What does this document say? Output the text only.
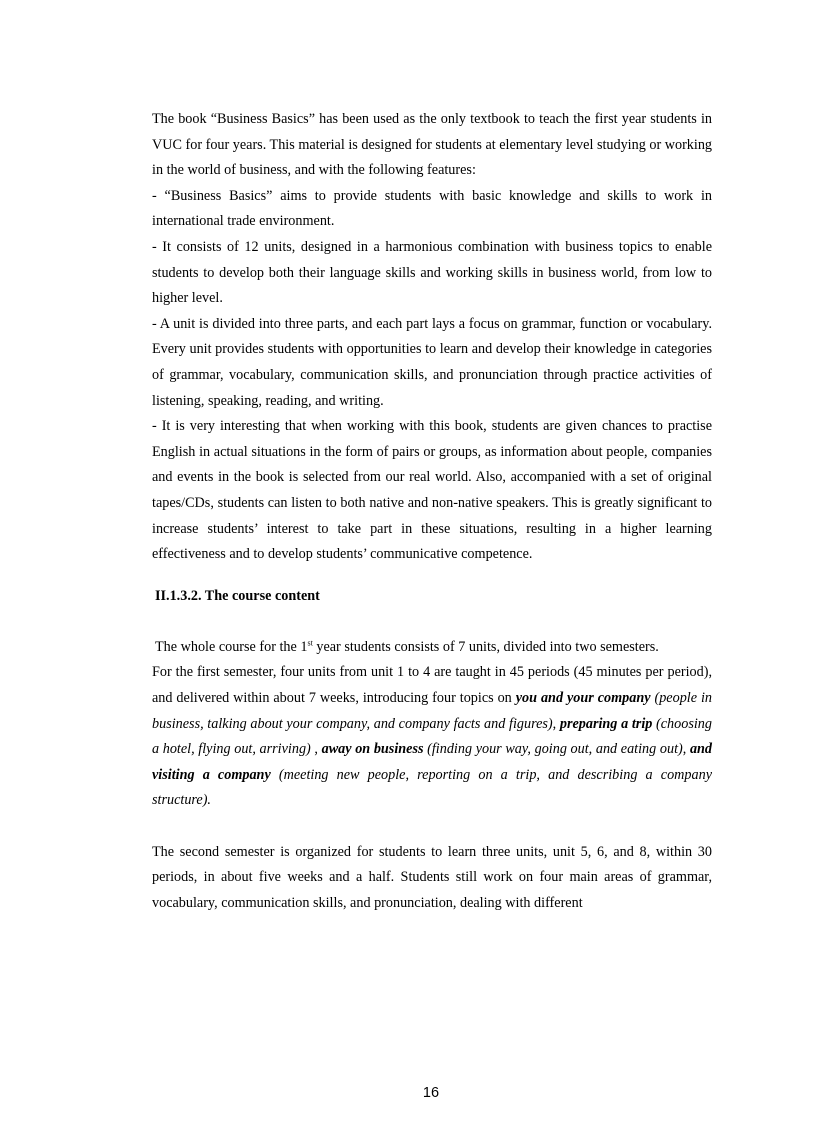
The book “Business Basics” has been used as the only textbook to teach the first year students in VUC for four years. This material is designed for students at elementary level studying or working in the world of business, and with the following features:

- “Business Basics” aims to provide students with basic knowledge and skills to work in international trade environment.

- It consists of 12 units, designed in a harmonious combination with business topics to enable students to develop both their language skills and working skills in business world, from low to higher level.

- A unit is divided into three parts, and each part lays a focus on grammar, function or vocabulary. Every unit provides students with opportunities to learn and develop their knowledge in categories of grammar, vocabulary, communication skills, and pronunciation through practice activities of listening, speaking, reading, and writing.

- It is very interesting that when working with this book, students are given chances to practise English in actual situations in the form of pairs or groups, as information about people, companies and events in the book is selected from our real world. Also, accompanied with a set of original tapes/CDs, students can listen to both native and non-native speakers. This is greatly significant to increase students’ interest to take part in these situations, resulting in a higher learning effectiveness and to develop students’ communicative competence.

II.1.3.2. The course content

The whole course for the 1st year students consists of 7 units, divided into two semesters.

For the first semester, four units from unit 1 to 4 are taught in 45 periods (45 minutes per period), and delivered within about 7 weeks, introducing four topics on you and your company (people in business, talking about your company, and company facts and figures), preparing a trip (choosing a hotel, flying out, arriving) , away on business (finding your way, going out, and eating out), and visiting a company (meeting new people, reporting on a trip, and describing a company structure).

The second semester is organized for students to learn three units, unit 5, 6, and 8, within 30 periods, in about five weeks and a half. Students still work on four main areas of grammar, vocabulary, communication skills, and pronunciation, dealing with different

16
